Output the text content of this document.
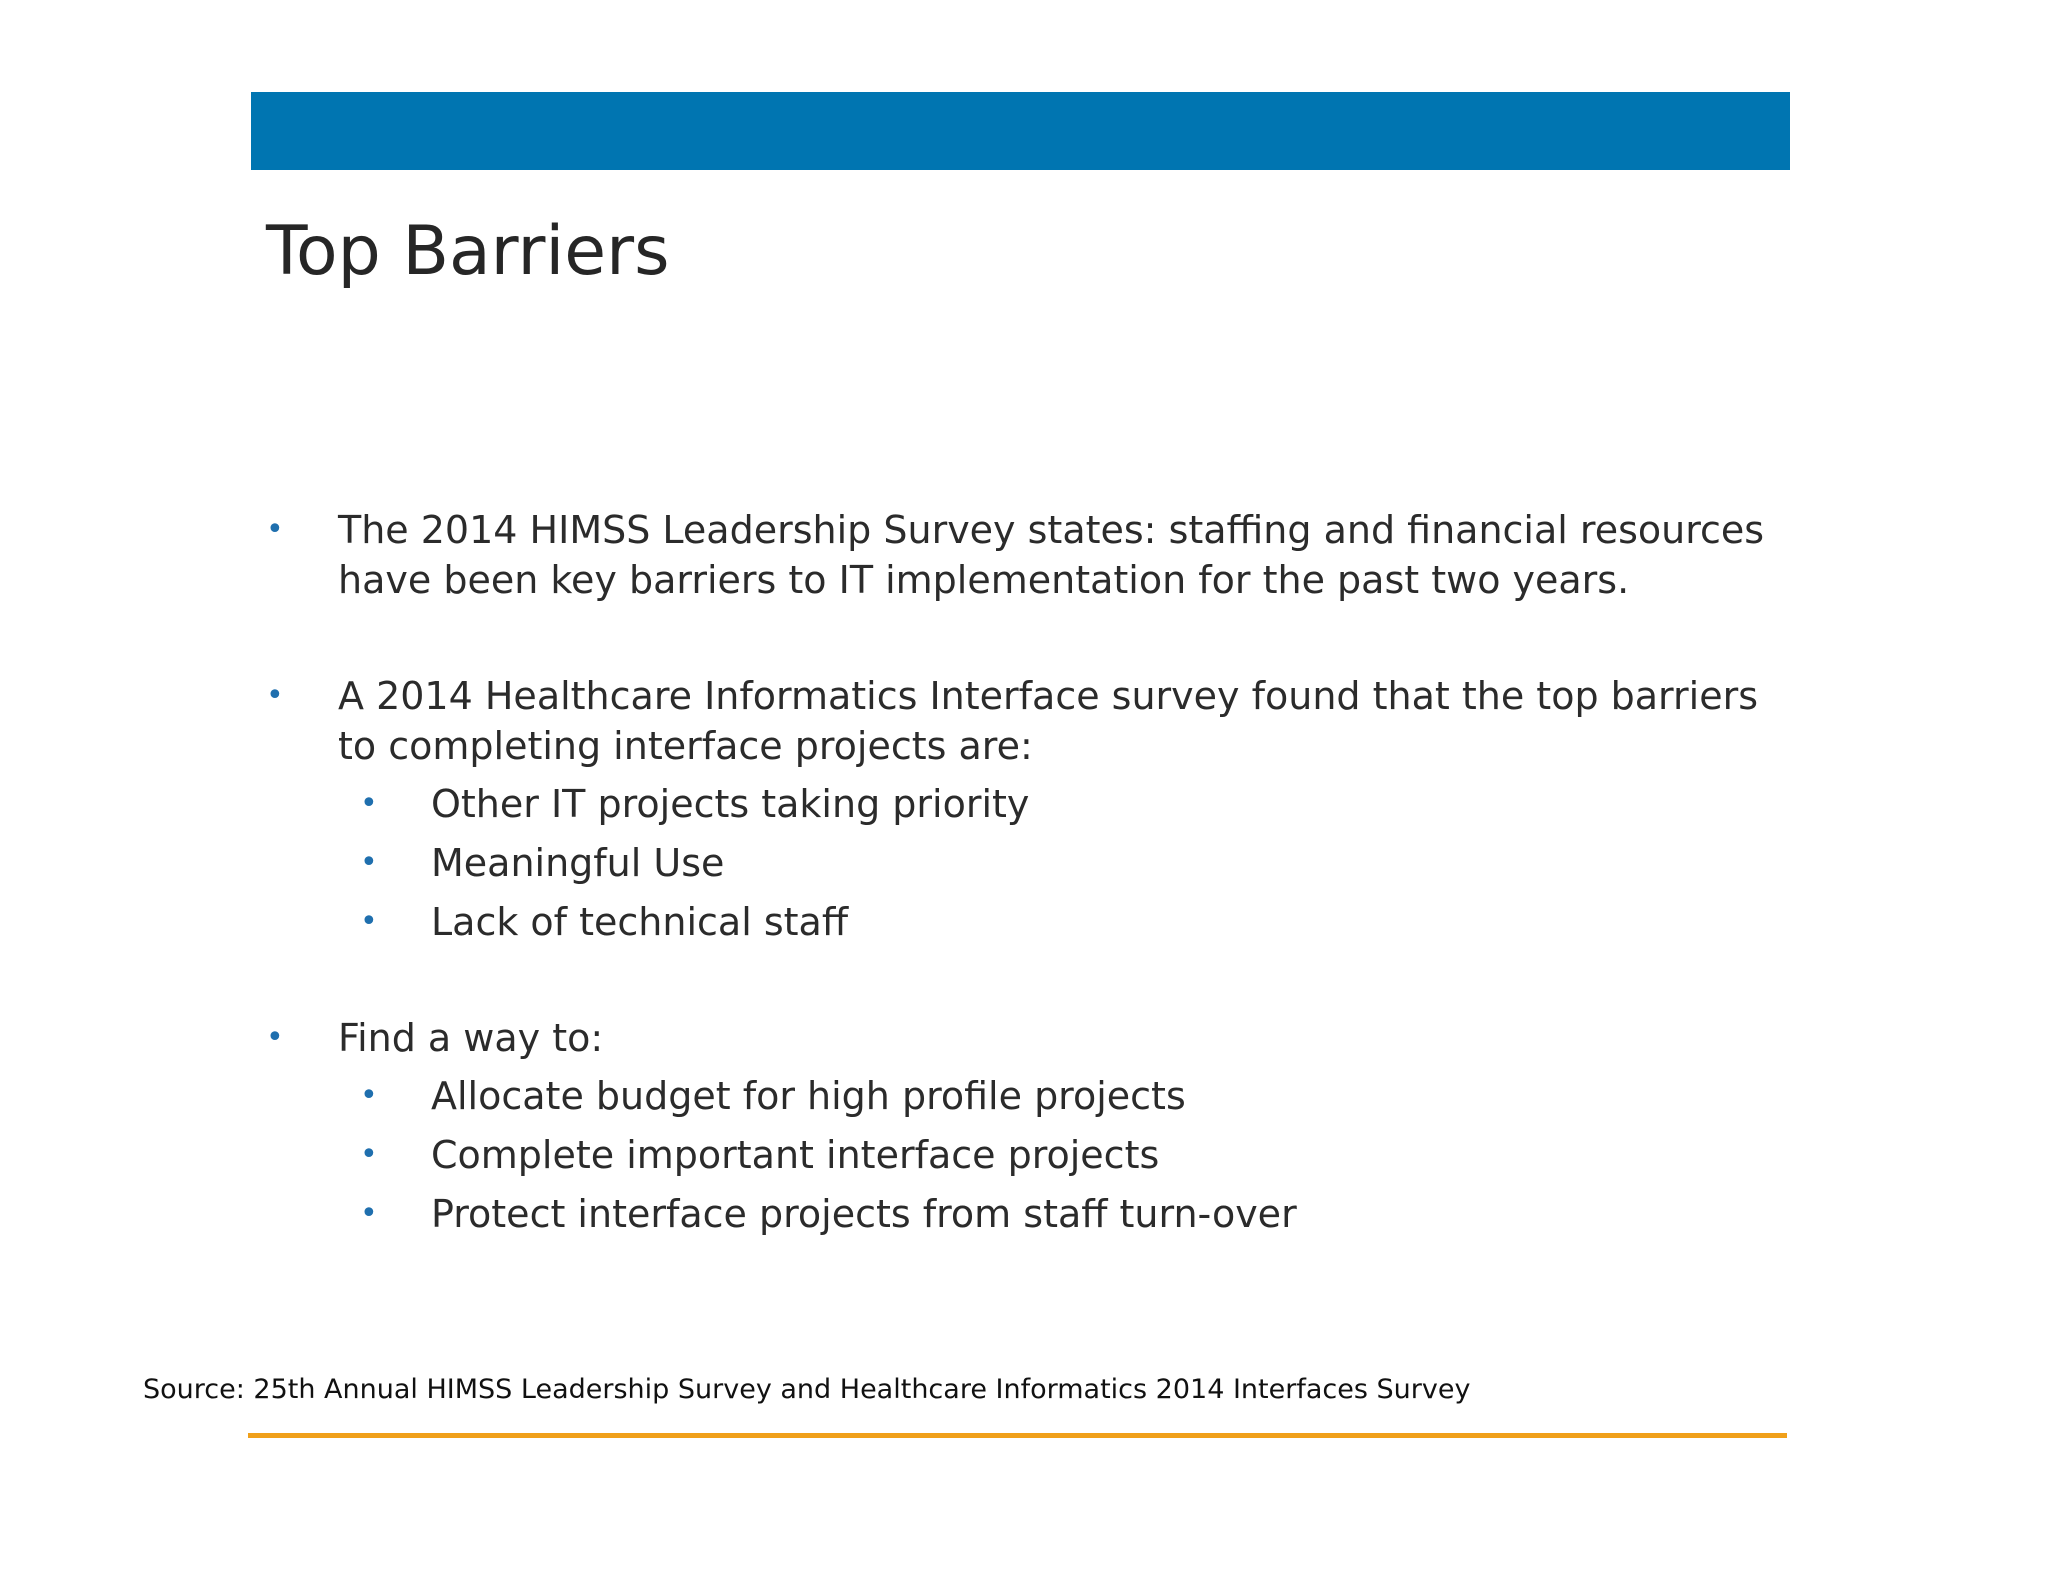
Top Barriers
• The 2014 HIMSS Leadership Survey states: staffing and financial resources have been key barriers to IT implementation for the past two years.
• A 2014 Healthcare Informatics Interface survey found that the top barriers to completing interface projects are:
• Other IT projects taking priority
• Meaningful Use
• Lack of technical staff
• Find a way to:
• Allocate budget for high profile projects
• Complete important interface projects
• Protect interface projects from staff turn-over
Source: 25th Annual HIMSS Leadership Survey and Healthcare Informatics 2014 Interfaces Survey
